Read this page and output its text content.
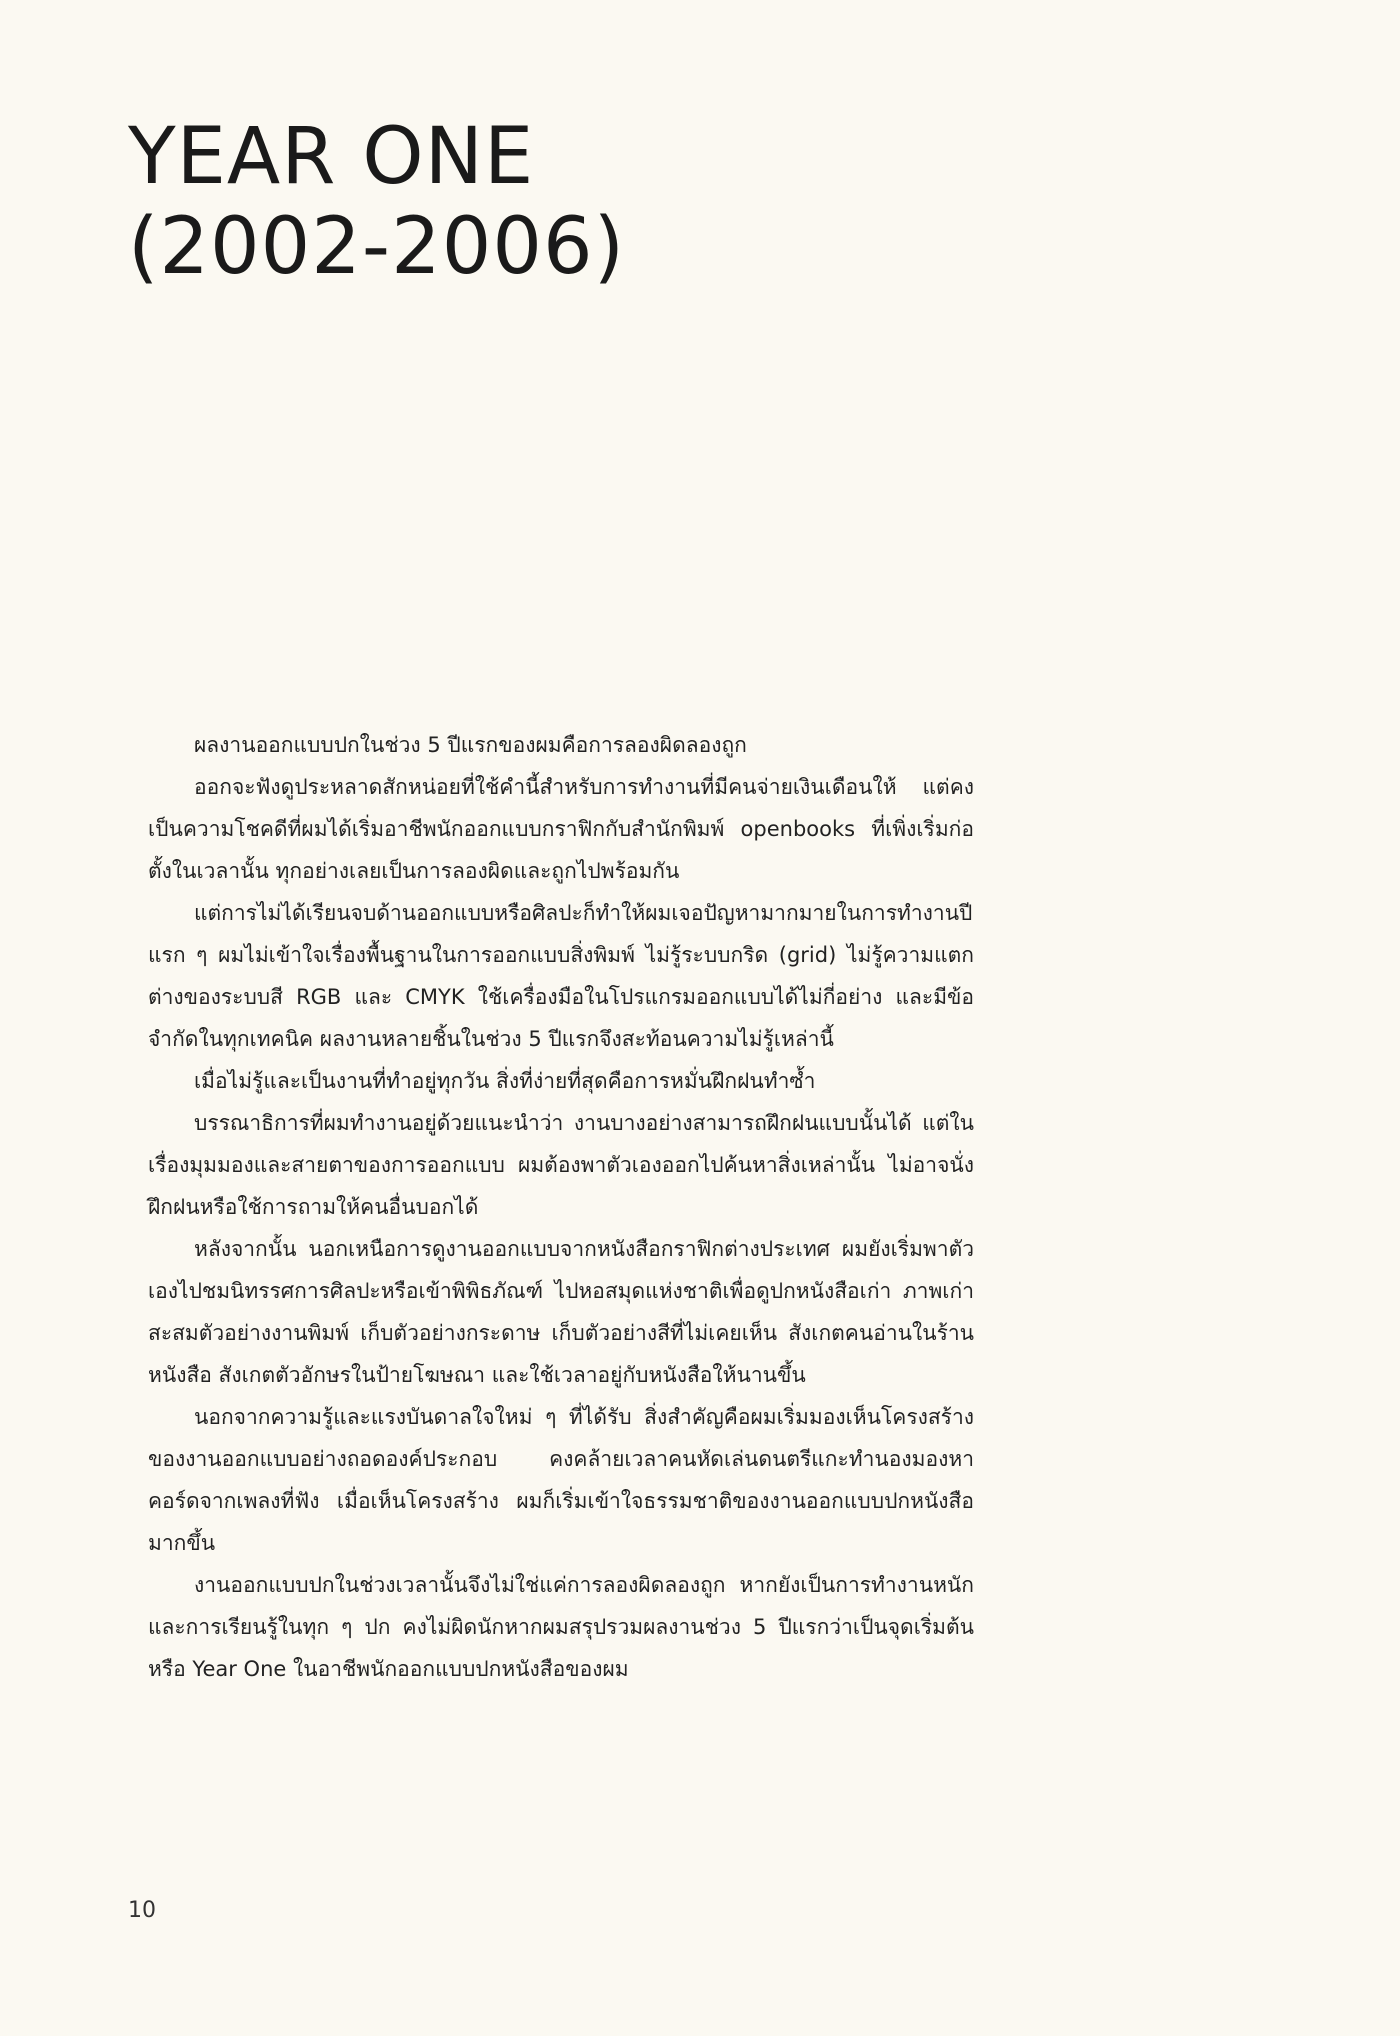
YEAR ONE
(2002-2006)

ผลงานออกแบบปกในช่วง 5 ปีแรกของผมคือการลองผิดลองถูก

ออกจะฟังดูประหลาดสักหน่อยที่ใช้คำนี้สำหรับการทำงานที่มีคนจ่ายเงินเดือนให้ แต่คงเป็นความโชคดีที่ผมได้เริ่มอาชีพนักออกแบบกราฟิกกับสำนักพิมพ์ openbooks ที่เพิ่งเริ่มก่อตั้งในเวลานั้น ทุกอย่างเลยเป็นการลองผิดและถูกไปพร้อมกัน

แต่การไม่ได้เรียนจบด้านออกแบบหรือศิลปะก็ทำให้ผมเจอปัญหามากมายในการทำงานปีแรก ๆ ผมไม่เข้าใจเรื่องพื้นฐานในการออกแบบสิ่งพิมพ์ ไม่รู้ระบบกริด (grid) ไม่รู้ความแตกต่างของระบบสี RGB และ CMYK ใช้เครื่องมือในโปรแกรมออกแบบได้ไม่กี่อย่าง และมีข้อจำกัดในทุกเทคนิค ผลงานหลายชิ้นในช่วง 5 ปีแรกจึงสะท้อนความไม่รู้เหล่านี้

เมื่อไม่รู้และเป็นงานที่ทำอยู่ทุกวัน สิ่งที่ง่ายที่สุดคือการหมั่นฝึกฝนทำซ้ำ

บรรณาธิการที่ผมทำงานอยู่ด้วยแนะนำว่า งานบางอย่างสามารถฝึกฝนแบบนั้นได้ แต่ในเรื่องมุมมองและสายตาของการออกแบบ ผมต้องพาตัวเองออกไปค้นหาสิ่งเหล่านั้น ไม่อาจนั่งฝึกฝนหรือใช้การถามให้คนอื่นบอกได้

หลังจากนั้น นอกเหนือการดูงานออกแบบจากหนังสือกราฟิกต่างประเทศ ผมยังเริ่มพาตัวเองไปชมนิทรรศการศิลปะหรือเข้าพิพิธภัณฑ์ ไปหอสมุดแห่งชาติเพื่อดูปกหนังสือเก่า ภาพเก่า สะสมตัวอย่างงานพิมพ์ เก็บตัวอย่างกระดาษ เก็บตัวอย่างสีที่ไม่เคยเห็น สังเกตคนอ่านในร้านหนังสือ สังเกตตัวอักษรในป้ายโฆษณา และใช้เวลาอยู่กับหนังสือให้นานขึ้น

นอกจากความรู้และแรงบันดาลใจใหม่ ๆ ที่ได้รับ สิ่งสำคัญคือผมเริ่มมองเห็นโครงสร้างของงานออกแบบอย่างถอดองค์ประกอบ คงคล้ายเวลาคนหัดเล่นดนตรีแกะทำนองมองหาคอร์ดจากเพลงที่ฟัง เมื่อเห็นโครงสร้าง ผมก็เริ่มเข้าใจธรรมชาติของงานออกแบบปกหนังสือมากขึ้น

งานออกแบบปกในช่วงเวลานั้นจึงไม่ใช่แค่การลองผิดลองถูก หากยังเป็นการทำงานหนักและการเรียนรู้ในทุก ๆ ปก คงไม่ผิดนักหากผมสรุปรวมผลงานช่วง 5 ปีแรกว่าเป็นจุดเริ่มต้นหรือ Year One ในอาชีพนักออกแบบปกหนังสือของผม

10
